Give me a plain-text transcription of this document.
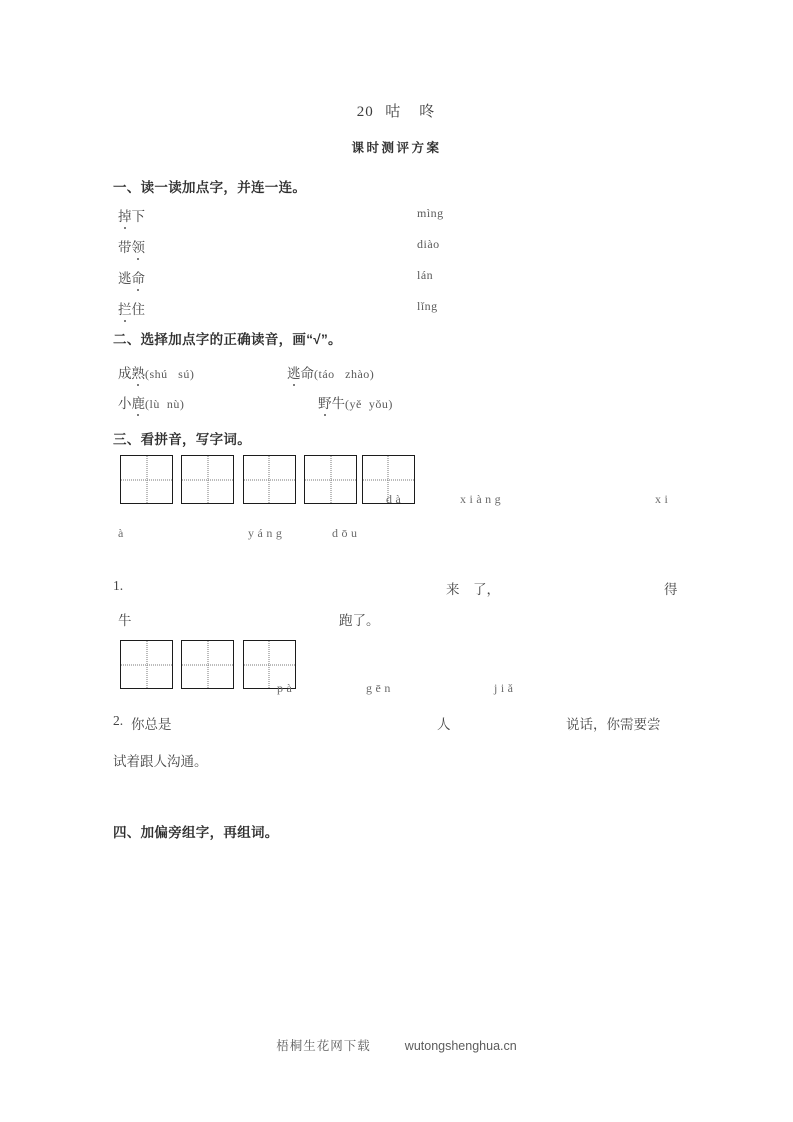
20 咕　咚
课时测评方案
一、读一读加点字，并连一连。
掉下	mìng
带领	diào
逃命	lán
拦住	lǐng
二、选择加点字的正确读音，画“√”。
成熟(shú   sú)	逃命(táo   zhào)
小鹿(lù  nù)	野牛(yě  yǒu)
三、看拼音，写字词。

dà	xiàng	xi
à	yáng	dōu
1.	来　了，	得
牛	跑了。

pà	gēn	jiǎ
2. 你总是	人	说话，你需要尝
试着跟人沟通。
四、加偏旁组字，再组词。
梧桐生花网下载	wutongshenghua.cn
